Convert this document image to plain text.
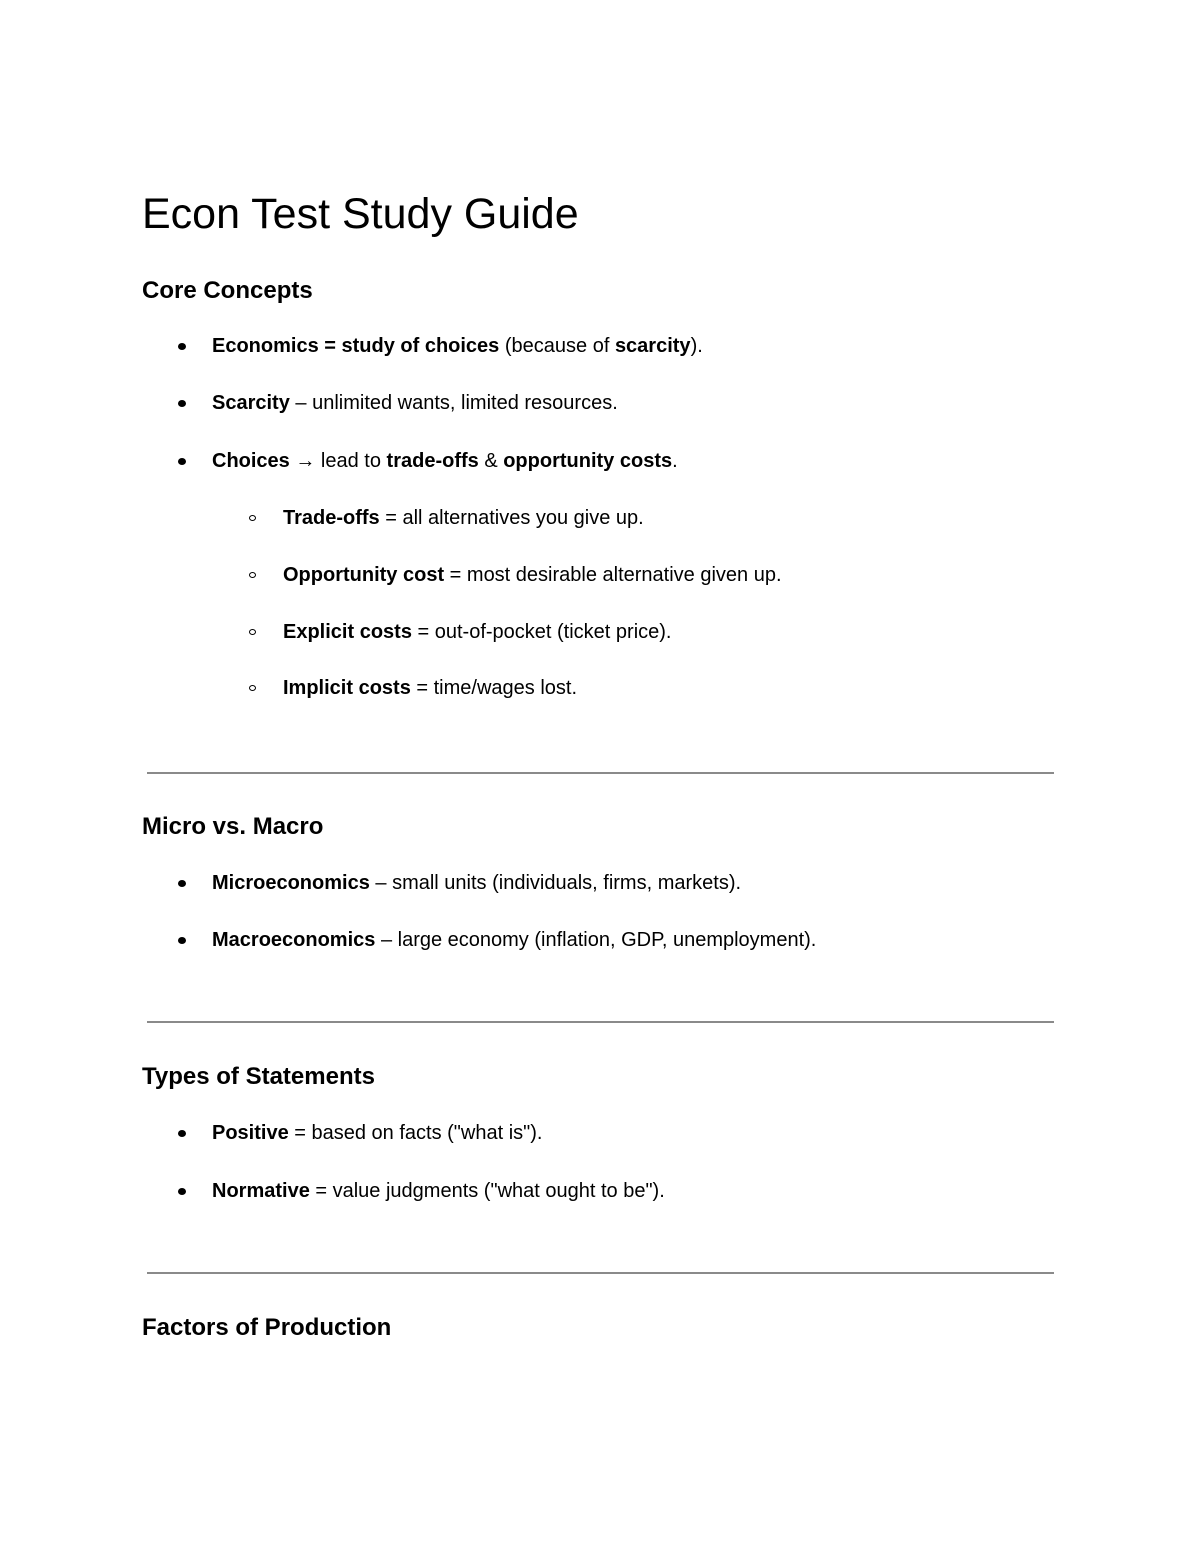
Econ Test Study Guide
Core Concepts
Economics = study of choices (because of scarcity).
Scarcity – unlimited wants, limited resources.
Choices → lead to trade-offs & opportunity costs.
Trade-offs = all alternatives you give up.
Opportunity cost = most desirable alternative given up.
Explicit costs = out-of-pocket (ticket price).
Implicit costs = time/wages lost.
Micro vs. Macro
Microeconomics – small units (individuals, firms, markets).
Macroeconomics – large economy (inflation, GDP, unemployment).
Types of Statements
Positive = based on facts ("what is").
Normative = value judgments ("what ought to be").
Factors of Production
